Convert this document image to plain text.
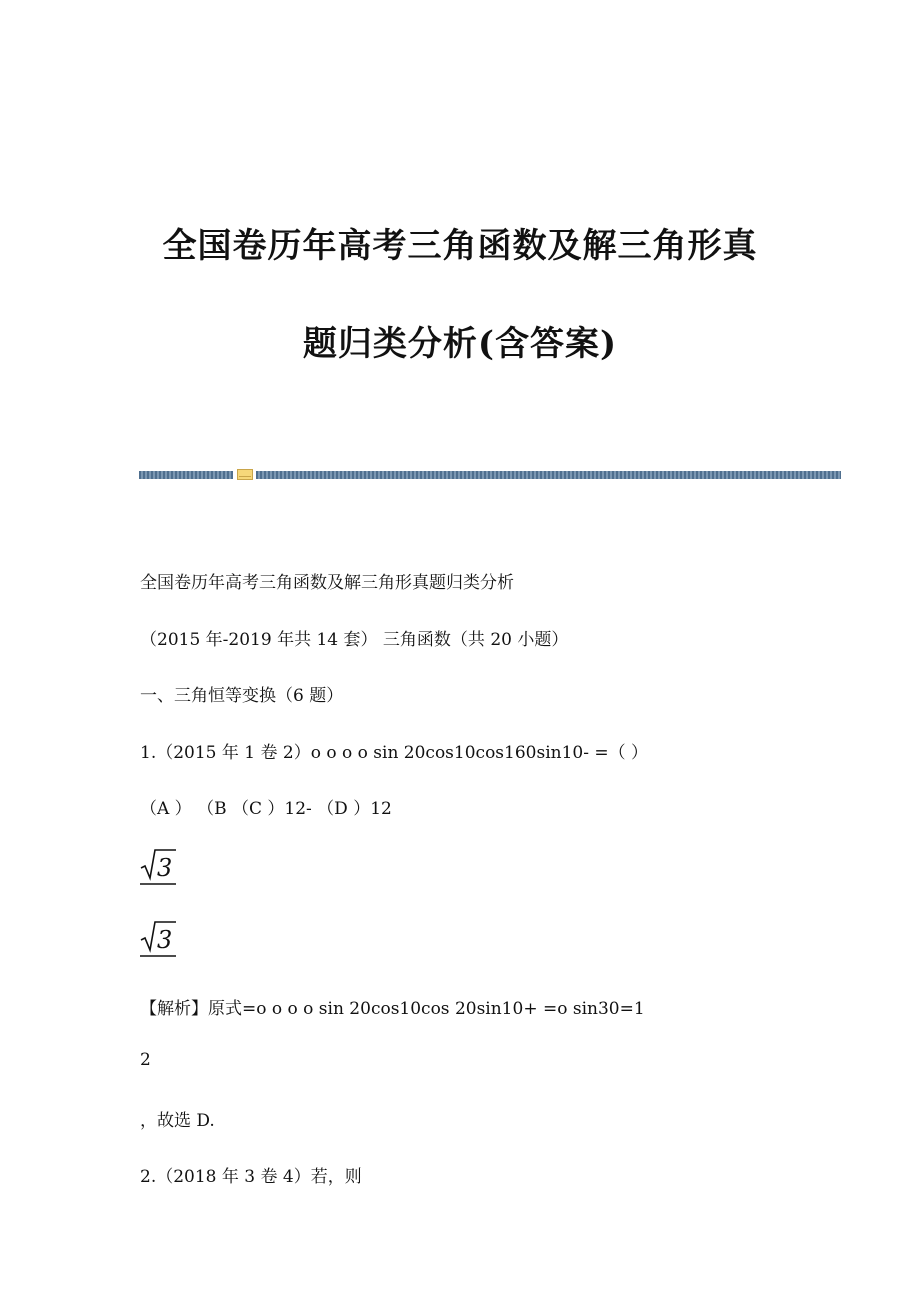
全国卷历年高考三角函数及解三角形真
题归类分析(含答案)
全国卷历年高考三角函数及解三角形真题归类分析
（2015 年-2019 年共 14 套） 三角函数（共 20 小题）
一、三角恒等变换（6 题）
1.（2015 年 1 卷 2）o o o o sin 20cos10cos160sin10- =（ ）
（A ） （B （C ）12- （D ）12
3
3
【解析】原式=o o o o sin 20cos10cos 20sin10+ =o sin30=1
2
，故选 D.
2.（2018 年 3 卷 4）若，则
